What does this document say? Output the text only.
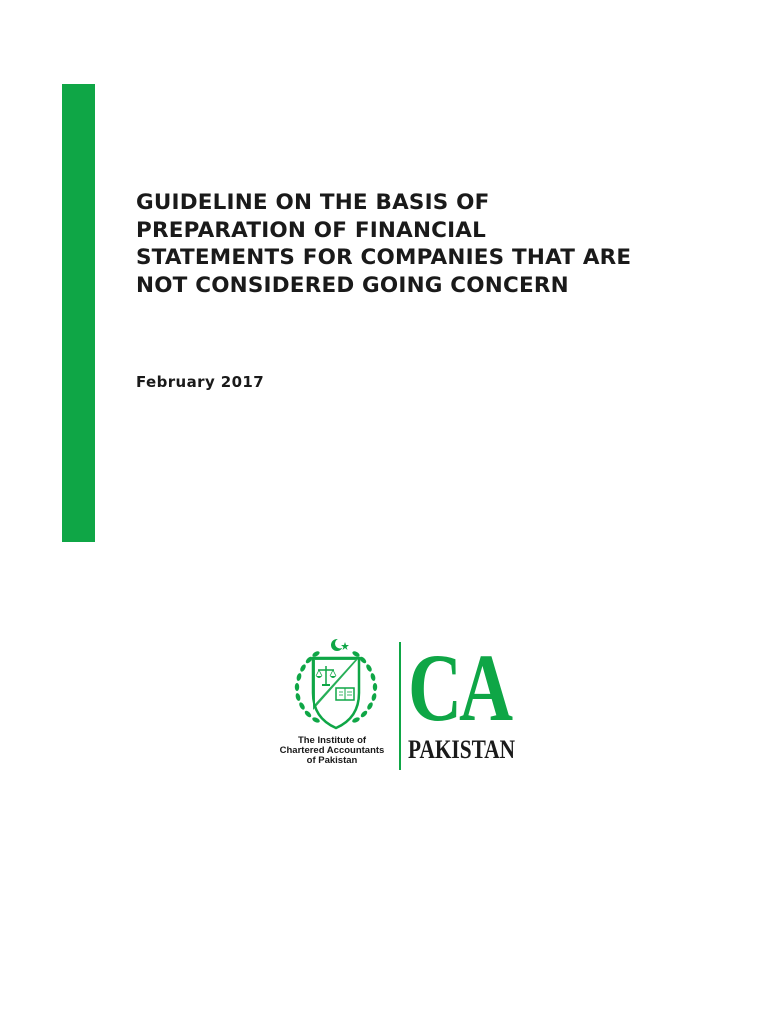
GUIDELINE ON THE BASIS OF
PREPARATION OF FINANCIAL
STATEMENTS FOR COMPANIES THAT ARE
NOT CONSIDERED GOING CONCERN

February 2017

The Institute of
Chartered Accountants
of Pakistan
CA
PAKISTAN
